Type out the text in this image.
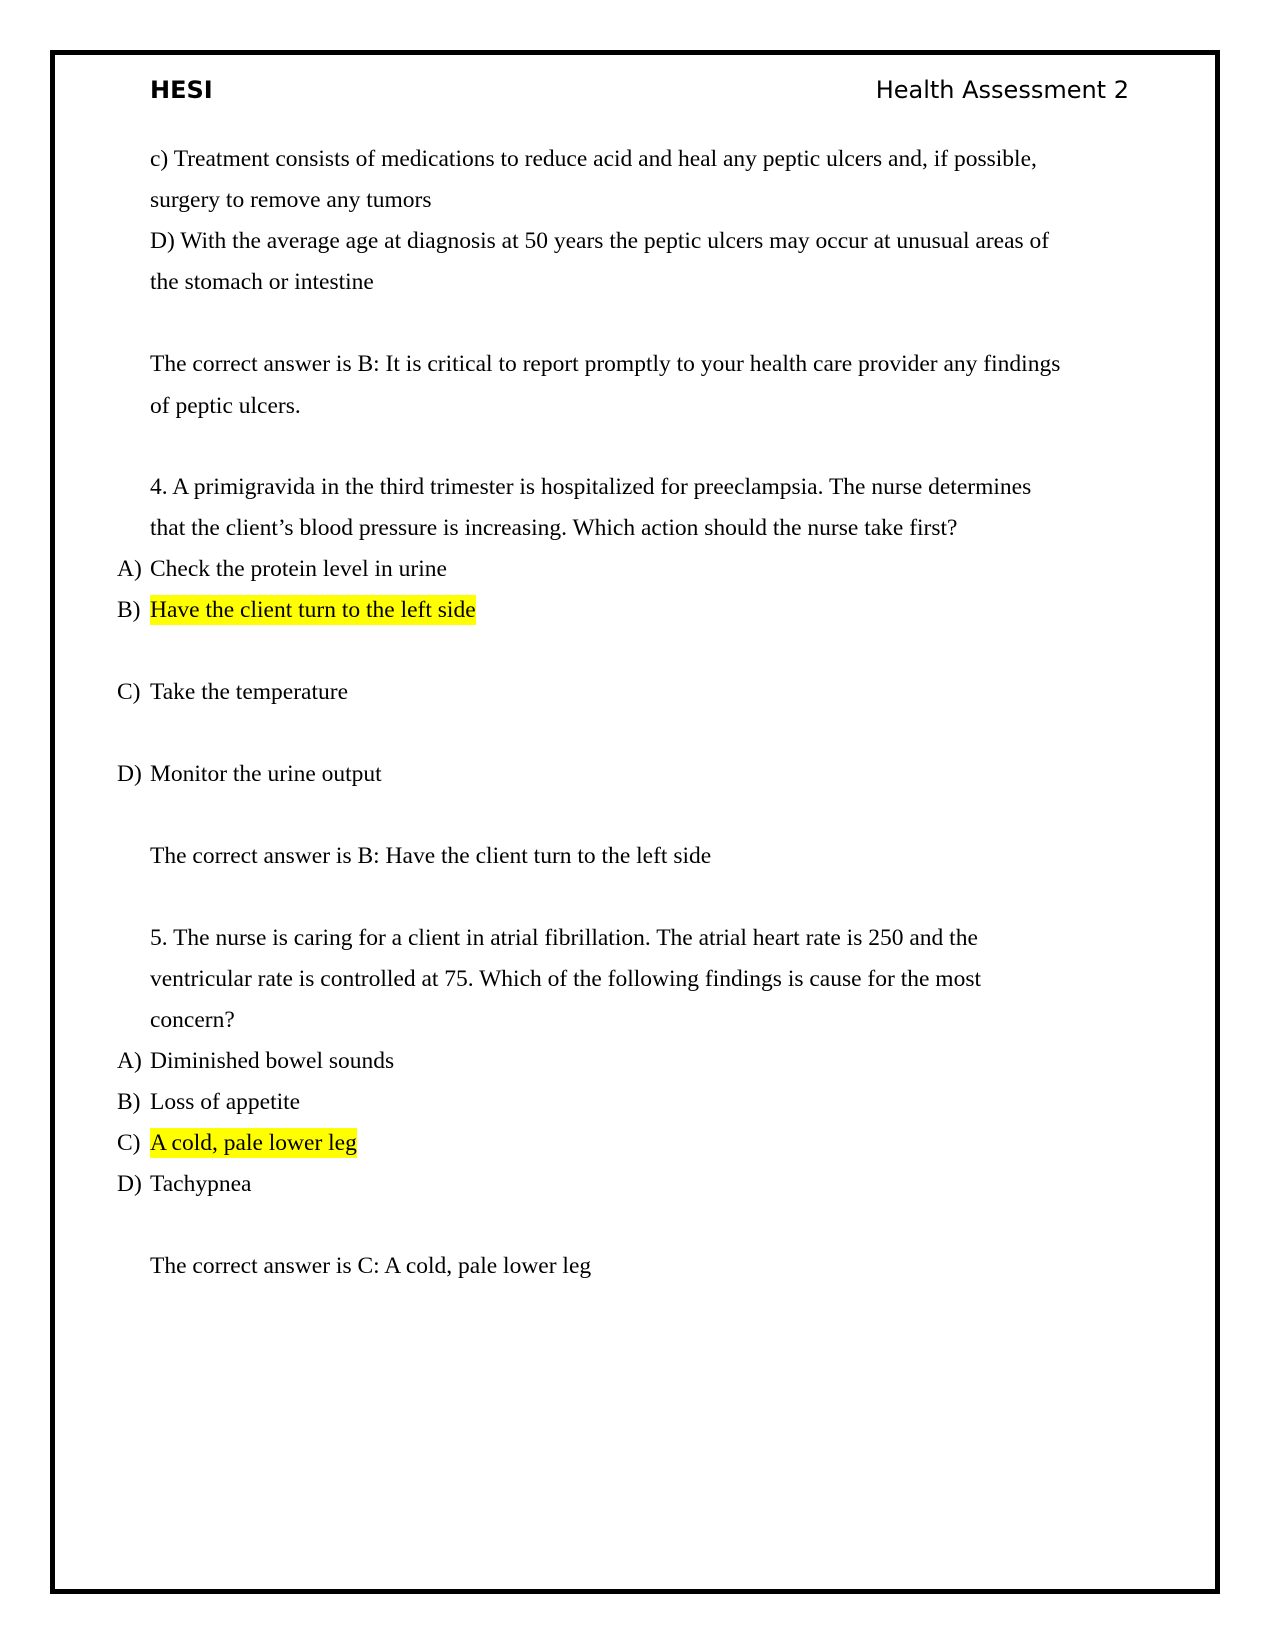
HESI	Health Assessment 2
c) Treatment consists of medications to reduce acid and heal any peptic ulcers and, if possible,
surgery to remove any tumors
D) With the average age at diagnosis at 50 years the peptic ulcers may occur at unusual areas of
the stomach or intestine
The correct answer is B: It is critical to report promptly to your health care provider any findings
of peptic ulcers.
4. A primigravida in the third trimester is hospitalized for preeclampsia. The nurse determines
that the client’s blood pressure is increasing. Which action should the nurse take first?
A) Check the protein level in urine
B) Have the client turn to the left side
C) Take the temperature
D) Monitor the urine output
The correct answer is B: Have the client turn to the left side
5. The nurse is caring for a client in atrial fibrillation. The atrial heart rate is 250 and the
ventricular rate is controlled at 75. Which of the following findings is cause for the most
concern?
A) Diminished bowel sounds
B) Loss of appetite
C) A cold, pale lower leg
D) Tachypnea
The correct answer is C: A cold, pale lower leg
